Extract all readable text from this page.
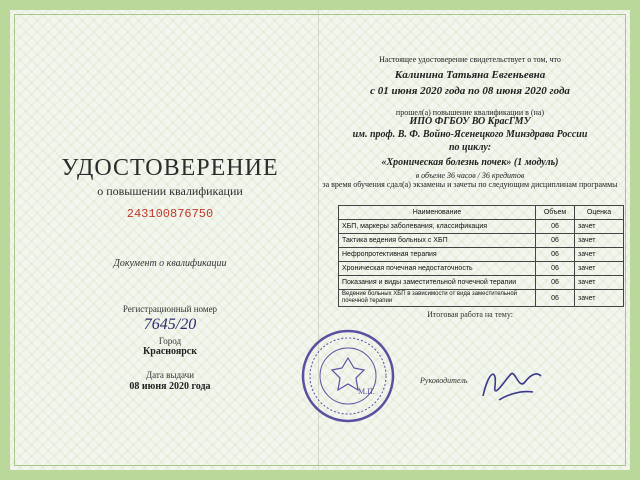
УДОСТОВЕРЕНИЕ
о повышении квалификации
243100876750
Документ о квалификации
Регистрационный номер
7645/20
Город
Красноярск
Дата выдачи
08 июня 2020 года
Настоящее удостоверение свидетельствует о том, что
Калинина Татьяна Евгеньевна
с 01 июня 2020 года по 08 июня 2020 года
прошел(а) повышение квалификации в (на)
ИПО ФГБОУ ВО КрасГМУ
им. проф. В. Ф. Войно-Ясенецкого Минздрава России
по циклу:
«Хроническая болезнь почек» (1 модуль)
в объеме 36 часов / 36 кредитов
за время обучения сдал(а) экзамены и зачеты по следующим дисциплинам программы
Наименование	Объем	Оценка
ХБП, маркеры заболевания, классификация	06	зачет
Тактика ведения больных с ХБП	06	зачет
Нефропротективная терапия	06	зачет
Хроническая почечная недостаточность	06	зачет
Показания и виды заместительной почечной терапии	06	зачет
Ведение больных ХБП в зависимости от вида заместительной почечной терапии	06	зачет
Итоговая работа на тему:
Руководитель
М.П.
